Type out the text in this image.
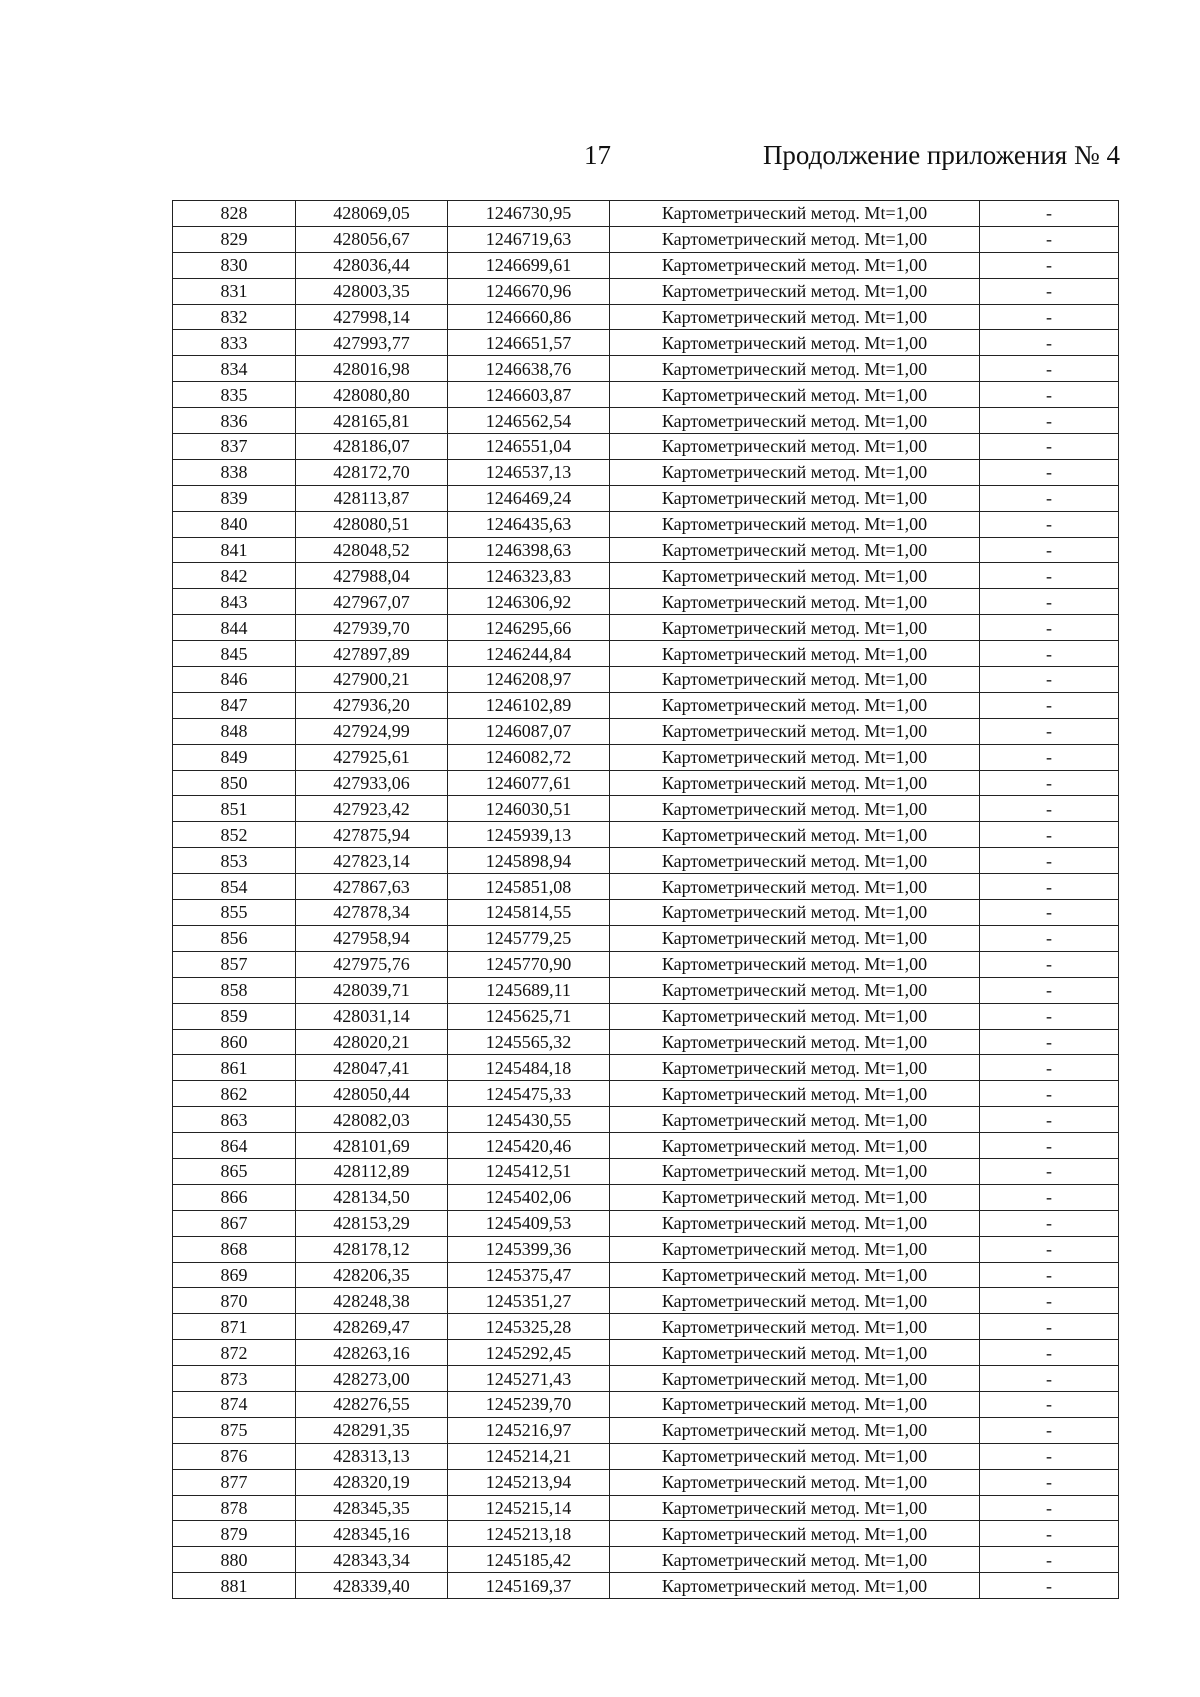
17	Продолжение приложения № 4
828	428069,05	1246730,95	Картометрический метод. Mt=1,00	-
829	428056,67	1246719,63	Картометрический метод. Mt=1,00	-
830	428036,44	1246699,61	Картометрический метод. Mt=1,00	-
831	428003,35	1246670,96	Картометрический метод. Mt=1,00	-
832	427998,14	1246660,86	Картометрический метод. Mt=1,00	-
833	427993,77	1246651,57	Картометрический метод. Mt=1,00	-
834	428016,98	1246638,76	Картометрический метод. Mt=1,00	-
835	428080,80	1246603,87	Картометрический метод. Mt=1,00	-
836	428165,81	1246562,54	Картометрический метод. Mt=1,00	-
837	428186,07	1246551,04	Картометрический метод. Mt=1,00	-
838	428172,70	1246537,13	Картометрический метод. Mt=1,00	-
839	428113,87	1246469,24	Картометрический метод. Mt=1,00	-
840	428080,51	1246435,63	Картометрический метод. Mt=1,00	-
841	428048,52	1246398,63	Картометрический метод. Mt=1,00	-
842	427988,04	1246323,83	Картометрический метод. Mt=1,00	-
843	427967,07	1246306,92	Картометрический метод. Mt=1,00	-
844	427939,70	1246295,66	Картометрический метод. Mt=1,00	-
845	427897,89	1246244,84	Картометрический метод. Mt=1,00	-
846	427900,21	1246208,97	Картометрический метод. Mt=1,00	-
847	427936,20	1246102,89	Картометрический метод. Mt=1,00	-
848	427924,99	1246087,07	Картометрический метод. Mt=1,00	-
849	427925,61	1246082,72	Картометрический метод. Mt=1,00	-
850	427933,06	1246077,61	Картометрический метод. Mt=1,00	-
851	427923,42	1246030,51	Картометрический метод. Mt=1,00	-
852	427875,94	1245939,13	Картометрический метод. Mt=1,00	-
853	427823,14	1245898,94	Картометрический метод. Mt=1,00	-
854	427867,63	1245851,08	Картометрический метод. Mt=1,00	-
855	427878,34	1245814,55	Картометрический метод. Mt=1,00	-
856	427958,94	1245779,25	Картометрический метод. Mt=1,00	-
857	427975,76	1245770,90	Картометрический метод. Mt=1,00	-
858	428039,71	1245689,11	Картометрический метод. Mt=1,00	-
859	428031,14	1245625,71	Картометрический метод. Mt=1,00	-
860	428020,21	1245565,32	Картометрический метод. Mt=1,00	-
861	428047,41	1245484,18	Картометрический метод. Mt=1,00	-
862	428050,44	1245475,33	Картометрический метод. Mt=1,00	-
863	428082,03	1245430,55	Картометрический метод. Mt=1,00	-
864	428101,69	1245420,46	Картометрический метод. Mt=1,00	-
865	428112,89	1245412,51	Картометрический метод. Mt=1,00	-
866	428134,50	1245402,06	Картометрический метод. Mt=1,00	-
867	428153,29	1245409,53	Картометрический метод. Mt=1,00	-
868	428178,12	1245399,36	Картометрический метод. Mt=1,00	-
869	428206,35	1245375,47	Картометрический метод. Mt=1,00	-
870	428248,38	1245351,27	Картометрический метод. Mt=1,00	-
871	428269,47	1245325,28	Картометрический метод. Mt=1,00	-
872	428263,16	1245292,45	Картометрический метод. Mt=1,00	-
873	428273,00	1245271,43	Картометрический метод. Mt=1,00	-
874	428276,55	1245239,70	Картометрический метод. Mt=1,00	-
875	428291,35	1245216,97	Картометрический метод. Mt=1,00	-
876	428313,13	1245214,21	Картометрический метод. Mt=1,00	-
877	428320,19	1245213,94	Картометрический метод. Mt=1,00	-
878	428345,35	1245215,14	Картометрический метод. Mt=1,00	-
879	428345,16	1245213,18	Картометрический метод. Mt=1,00	-
880	428343,34	1245185,42	Картометрический метод. Mt=1,00	-
881	428339,40	1245169,37	Картометрический метод. Mt=1,00	-
